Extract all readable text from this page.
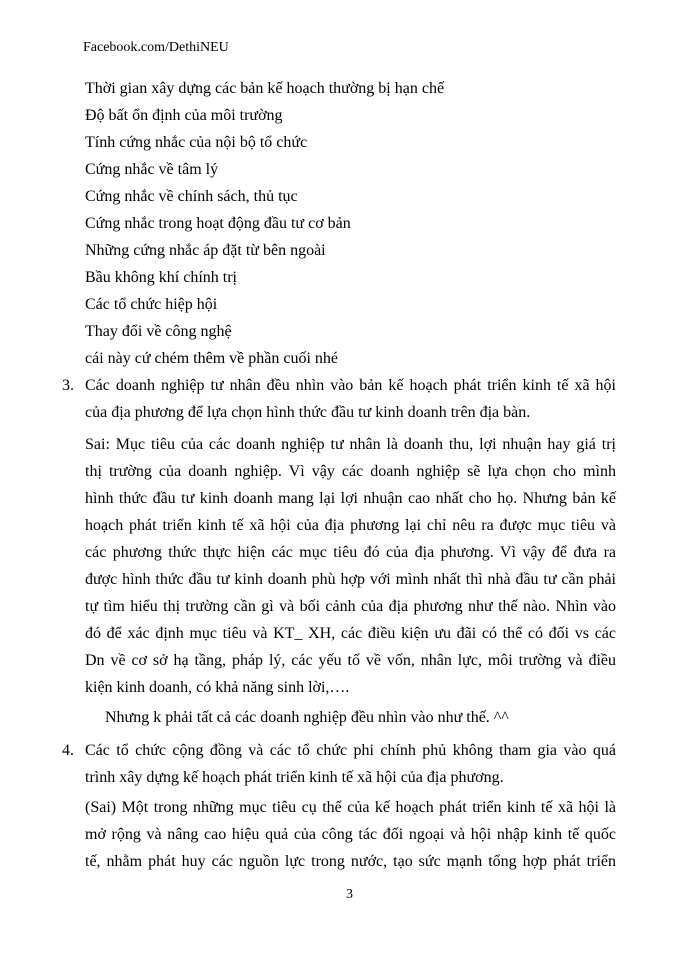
Facebook.com/DethiNEU
Thời gian xây dựng các bản kế hoạch thường bị hạn chế
Độ bất ổn định của môi trường
Tính cứng nhắc của nội bộ tổ chức
Cứng nhắc về tâm lý
Cứng nhắc về chính sách, thủ tục
Cứng nhắc trong hoạt động đầu tư cơ bản
Những cứng nhắc áp đặt từ bên ngoài
Bầu không khí chính trị
Các tổ chức hiệp hội
Thay đổi về công nghệ
cái này cứ chém thêm về phần cuối nhé
3. Các doanh nghiệp tư nhân đều nhìn vào bản kế hoạch phát triển kinh tế xã hội
của địa phương để lựa chọn hình thức đầu tư kinh doanh trên địa bàn.
Sai: Mục tiêu của các doanh nghiệp tư nhân là doanh thu, lợi nhuận hay giá trị
thị trường của doanh nghiệp. Vì vậy các doanh nghiệp sẽ lựa chọn cho mình
hình thức đầu tư kinh doanh mang lại lợi nhuận cao nhất cho họ. Nhưng bản kế
hoạch phát triển kinh tế xã hội của địa phương lại chỉ nêu ra được mục tiêu và
các phương thức thực hiện các mục tiêu đó của địa phương. Vì vậy để đưa ra
được hình thức đầu tư kinh doanh phù hợp với mình nhất thì nhà đầu tư cần phải
tự tìm hiểu thị trường cần gì và bối cảnh của địa phương như thế nào. Nhìn vào
đó để xác định mục tiêu và KT_ XH, các điều kiện ưu đãi có thể có đối vs các
Dn về cơ sở hạ tầng, pháp lý, các yếu tố về vốn, nhân lực, môi trường và điều
kiện kinh doanh, có khả năng sinh lời,….
Nhưng k phải tất cả các doanh nghiệp đều nhìn vào như thế. ^^
4. Các tổ chức cộng đồng và các tổ chức phi chính phủ không tham gia vào quá
trình xây dựng kế hoạch phát triển kinh tế xã hội của địa phương.
(Sai) Một trong những mục tiêu cụ thể của kế hoạch phát triển kinh tế xã hội là
mở rộng và nâng cao hiệu quả của công tác đối ngoại và hội nhập kinh tế quốc
tế, nhằm phát huy các nguồn lực trong nước, tạo sức mạnh tổng hợp phát triển
3
